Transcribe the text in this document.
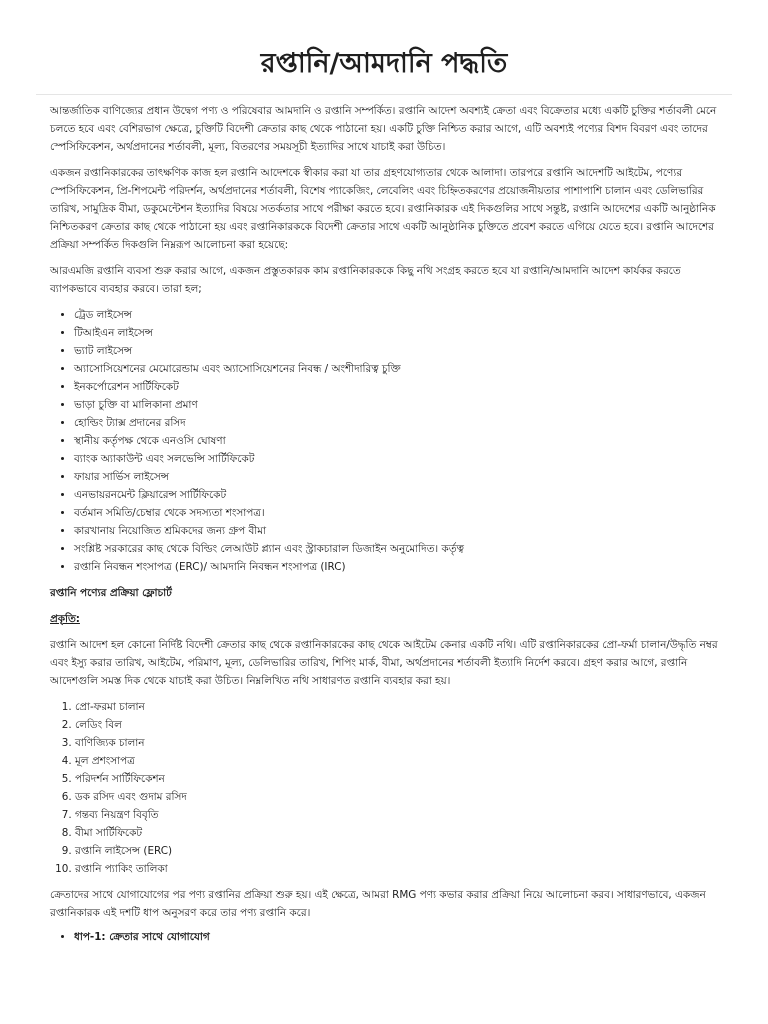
রপ্তানি/আমদানি পদ্ধতি

আন্তর্জাতিক বাণিজ্যের প্রধান উদ্বেগ পণ্য ও পরিষেবার আমদানি ও রপ্তানি সম্পর্কিত। রপ্তানি আদেশ অবশ্যই ক্রেতা এবং বিক্রেতার মধ্যে একটি চুক্তির শর্তাবলী মেনে চলতে হবে এবং বেশিরভাগ ক্ষেত্রে, চুক্তিটি বিদেশী ক্রেতার কাছ থেকে পাঠানো হয়। একটি চুক্তি নিশ্চিত করার আগে, এটি অবশ্যই পণ্যের বিশদ বিবরণ এবং তাদের স্পেসিফিকেশন, অর্থপ্রদানের শর্তাবলী, মূল্য, বিতরণের সময়সূচী ইত্যাদির সাথে যাচাই করা উচিত।

একজন রপ্তানিকারকের তাৎক্ষণিক কাজ হল রপ্তানি আদেশকে স্বীকার করা যা তার গ্রহণযোগ্যতার থেকে আলাদা। তারপরে রপ্তানি আদেশটি আইটেম, পণ্যের স্পেসিফিকেশন, প্রি-শিপমেন্ট পরিদর্শন, অর্থপ্রদানের শর্তাবলী, বিশেষ প্যাকেজিং, লেবেলিং এবং চিহ্নিতকরণের প্রয়োজনীয়তার পাশাপাশি চালান এবং ডেলিভারির তারিখ, সামুদ্রিক বীমা, ডকুমেন্টেশন ইত্যাদির বিষয়ে সতর্কতার সাথে পরীক্ষা করতে হবে। রপ্তানিকারক এই দিকগুলির সাথে সন্তুষ্ট, রপ্তানি আদেশের একটি আনুষ্ঠানিক নিশ্চিতকরণ ক্রেতার কাছ থেকে পাঠানো হয় এবং রপ্তানিকারককে বিদেশী ক্রেতার সাথে একটি আনুষ্ঠানিক চুক্তিতে প্রবেশ করতে এগিয়ে যেতে হবে। রপ্তানি আদেশের প্রক্রিয়া সম্পর্কিত দিকগুলি নিম্নরূপ আলোচনা করা হয়েছে:

আরএমজি রপ্তানি ব্যবসা শুরু করার আগে, একজন প্রস্তুতকারক কাম রপ্তানিকারককে কিছু নথি সংগ্রহ করতে হবে যা রপ্তানি/আমদানি আদেশ কার্যকর করতে ব্যাপকভাবে ব্যবহার করবে। তারা হল;

• ট্রেড লাইসেন্স
• টিআইএন লাইসেন্স
• ভ্যাট লাইসেন্স
• অ্যাসোসিয়েশনের মেমোরেন্ডাম এবং অ্যাসোসিয়েশনের নিবন্ধ / অংশীদারিত্ব চুক্তি
• ইনকর্পোরেশন সার্টিফিকেট
• ভাড়া চুক্তি বা মালিকানা প্রমাণ
• হোল্ডিং ট্যাক্স প্রদানের রসিদ
• স্থানীয় কর্তৃপক্ষ থেকে এনওসি ঘোষণা
• ব্যাংক অ্যাকাউন্ট এবং সলভেন্সি সার্টিফিকেট
• ফায়ার সার্ভিস লাইসেন্স
• এনভায়রনমেন্ট ক্লিয়ারেন্স সার্টিফিকেট
• বর্তমান সমিতি/চেম্বার থেকে সদস্যতা শংসাপত্র।
• কারখানায় নিয়োজিত শ্রমিকদের জন্য গ্রুপ বীমা
• সংশ্লিষ্ট সরকারের কাছ থেকে বিল্ডিং লেআউট প্ল্যান এবং স্ট্রাকচারাল ডিজাইন অনুমোদিত। কর্তৃত্ব
• রপ্তানি নিবন্ধন শংসাপত্র (ERC)/ আমদানি নিবন্ধন শংসাপত্র (IRC)

রপ্তানি পণ্যের প্রক্রিয়া ফ্লোচার্ট

প্রকৃতি:

রপ্তানি আদেশ হল কোনো নির্দিষ্ট বিদেশী ক্রেতার কাছ থেকে রপ্তানিকারকের কাছ থেকে আইটেম কেনার একটি নথি। এটি রপ্তানিকারকের প্রো-ফর্মা চালান/উদ্ধৃতি নম্বর এবং ইস্যু করার তারিখ, আইটেম, পরিমাণ, মূল্য, ডেলিভারির তারিখ, শিপিং মার্ক, বীমা, অর্থপ্রদানের শর্তাবলী ইত্যাদি নির্দেশ করবে। গ্রহণ করার আগে, রপ্তানি আদেশগুলি সমস্ত দিক থেকে যাচাই করা উচিত। নিম্নলিখিত নথি সাধারণত রপ্তানি ব্যবহার করা হয়।

1. প্রো-ফরমা চালান
2. লেডিং বিল
3. বাণিজ্যিক চালান
4. মূল প্রশংসাপত্র
5. পরিদর্শন সার্টিফিকেশন
6. ডক রসিদ এবং গুদাম রসিদ
7. গন্তব্য নিয়ন্ত্রণ বিবৃতি
8. বীমা সার্টিফিকেট
9. রপ্তানি লাইসেন্স (ERC)
10. রপ্তানি প্যাকিং তালিকা

ক্রেতাদের সাথে যোগাযোগের পর পণ্য রপ্তানির প্রক্রিয়া শুরু হয়। এই ক্ষেত্রে, আমরা RMG পণ্য কভার করার প্রক্রিয়া নিয়ে আলোচনা করব। সাধারণভাবে, একজন রপ্তানিকারক এই দশটি ধাপ অনুসরণ করে তার পণ্য রপ্তানি করে।

• ধাপ-1: ক্রেতার সাথে যোগাযোগ
